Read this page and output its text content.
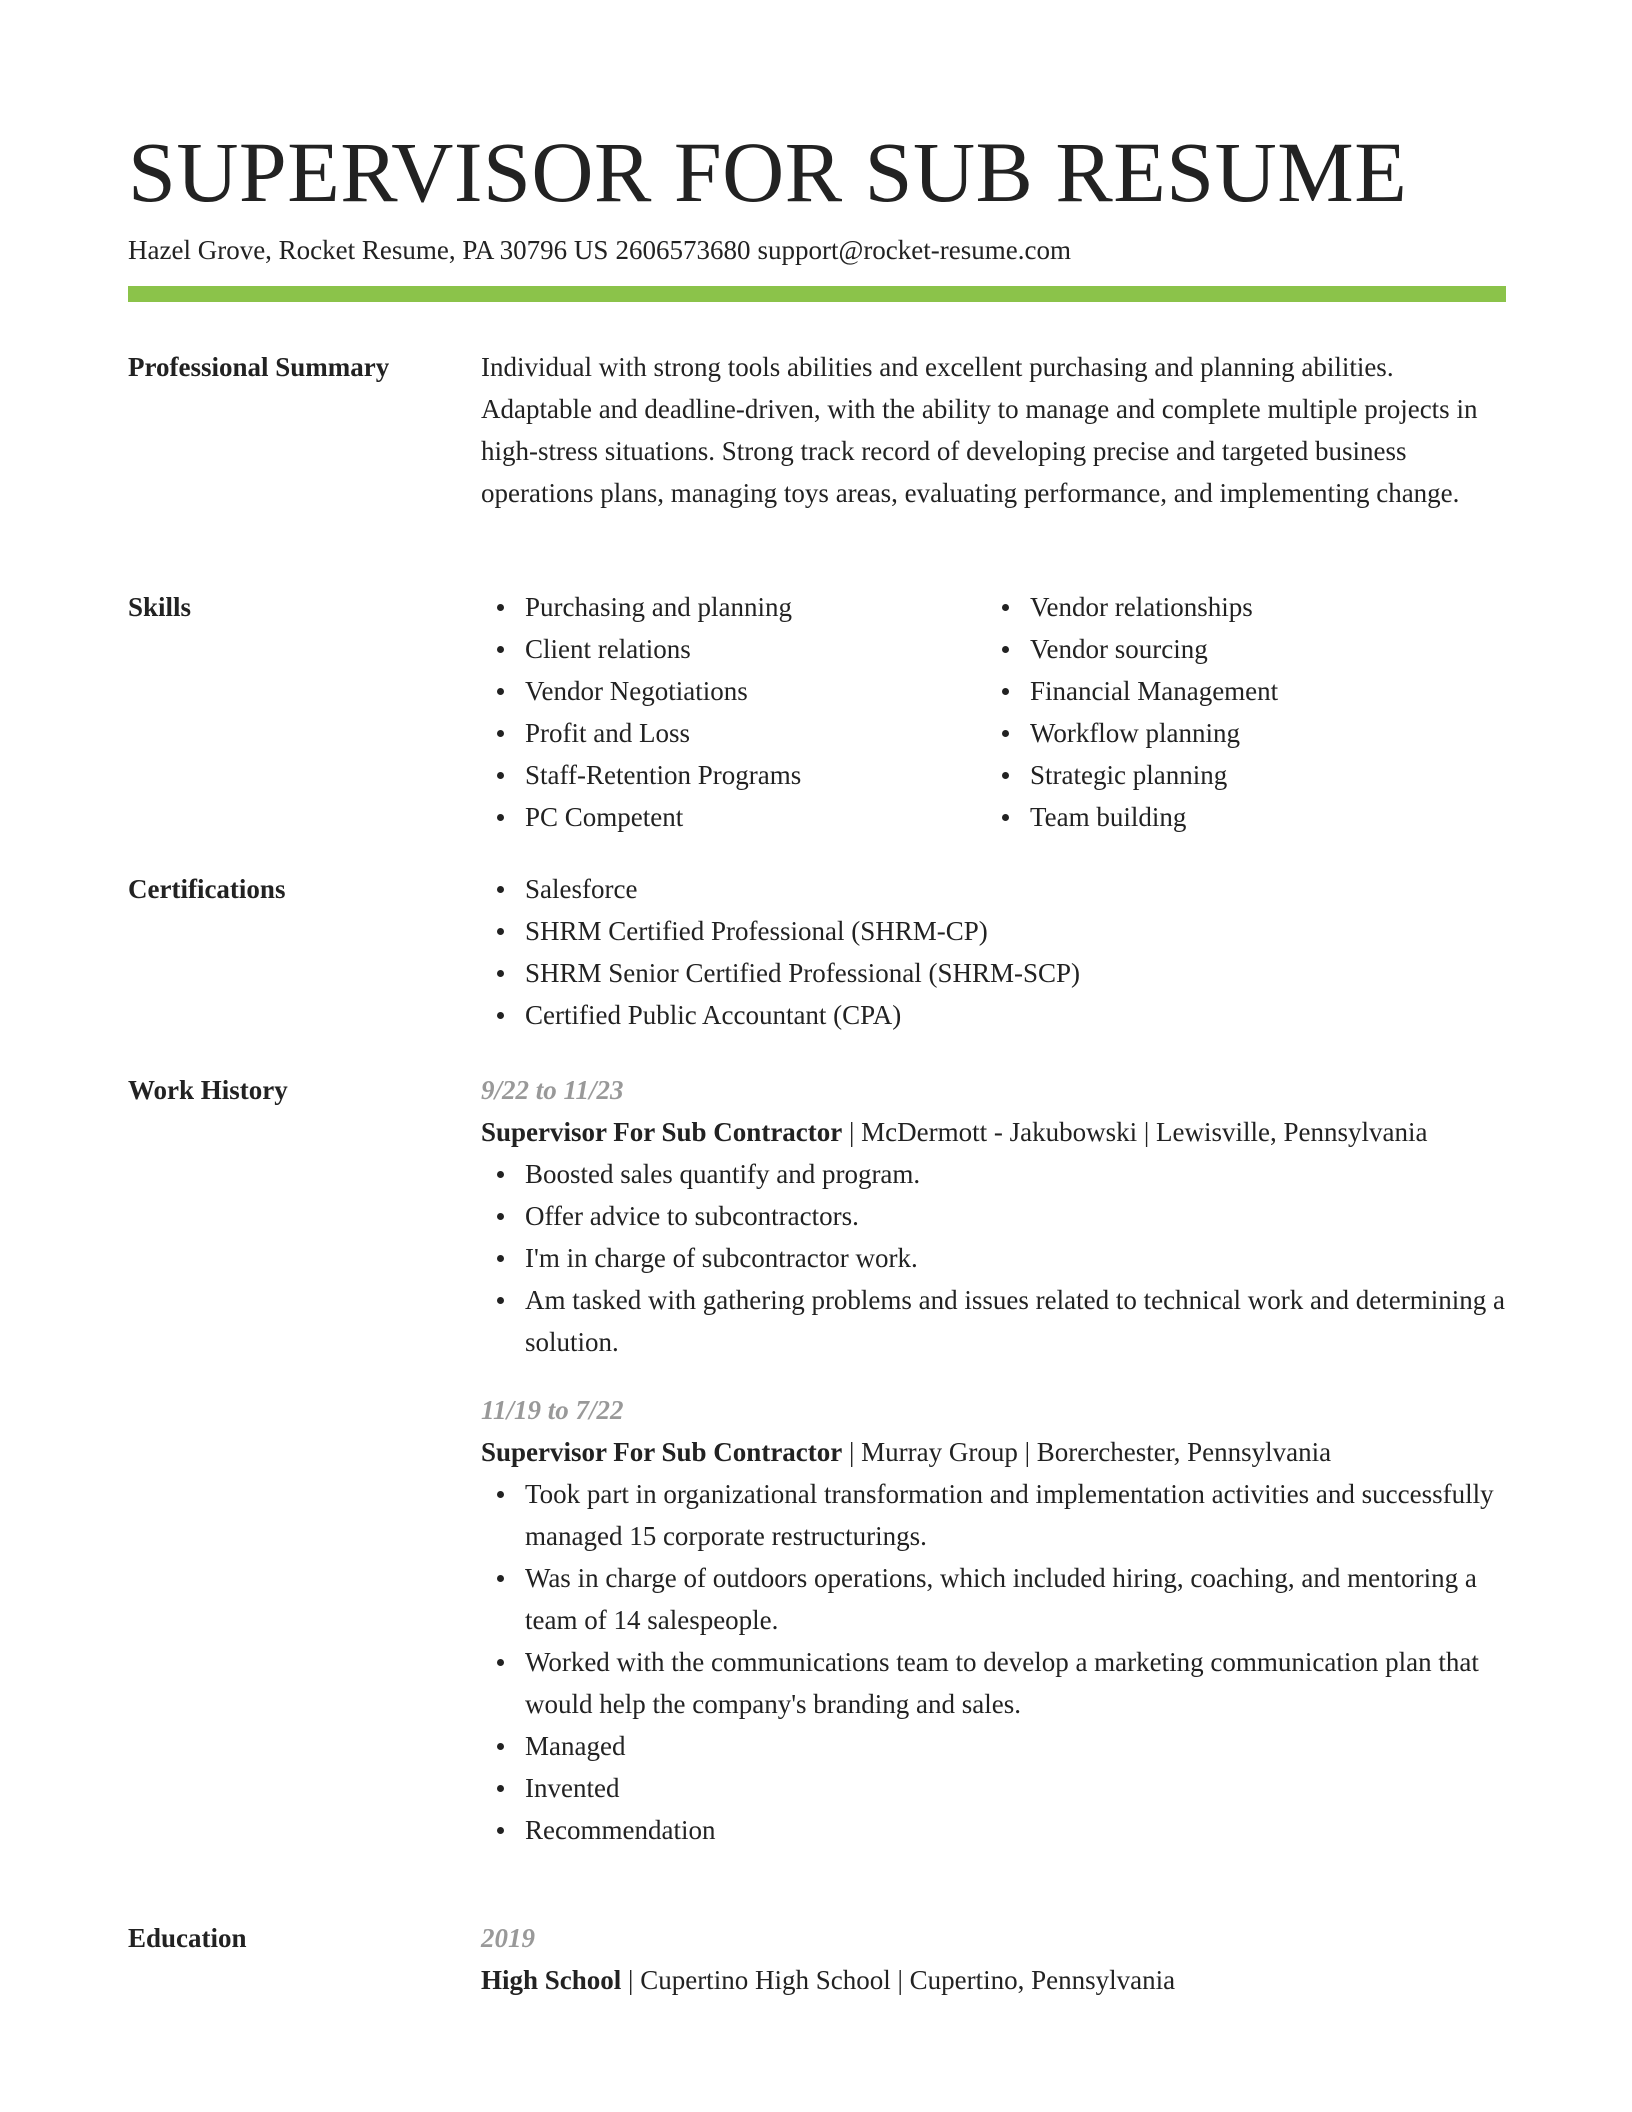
SUPERVISOR FOR SUB RESUME
Hazel Grove, Rocket Resume, PA 30796 US 2606573680 support@rocket-resume.com
Professional Summary	Individual with strong tools abilities and excellent purchasing and planning abilities. Adaptable and deadline-driven, with the ability to manage and complete multiple projects in high-stress situations. Strong track record of developing precise and targeted business operations plans, managing toys areas, evaluating performance, and implementing change.

Skills	Purchasing and planning
Client relations
Vendor Negotiations
Profit and Loss
Staff-Retention Programs
PC Competent
Vendor relationships
Vendor sourcing
Financial Management
Workflow planning
Strategic planning
Team building
Certifications	Salesforce
SHRM Certified Professional (SHRM-CP)
SHRM Senior Certified Professional (SHRM-SCP)
Certified Public Accountant (CPA)
Work History	9/22 to 11/23
Supervisor For Sub Contractor | McDermott - Jakubowski | Lewisville, Pennsylvania
Boosted sales quantify and program.
Offer advice to subcontractors.
I'm in charge of subcontractor work.
Am tasked with gathering problems and issues related to technical work and determining a solution.
11/19 to 7/22
Supervisor For Sub Contractor | Murray Group | Borerchester, Pennsylvania
Took part in organizational transformation and implementation activities and successfully managed 15 corporate restructurings.
Was in charge of outdoors operations, which included hiring, coaching, and mentoring a team of 14 salespeople.
Worked with the communications team to develop a marketing communication plan that would help the company's branding and sales.
Managed
Invented
Recommendation
Education	2019
High School | Cupertino High School | Cupertino, Pennsylvania
